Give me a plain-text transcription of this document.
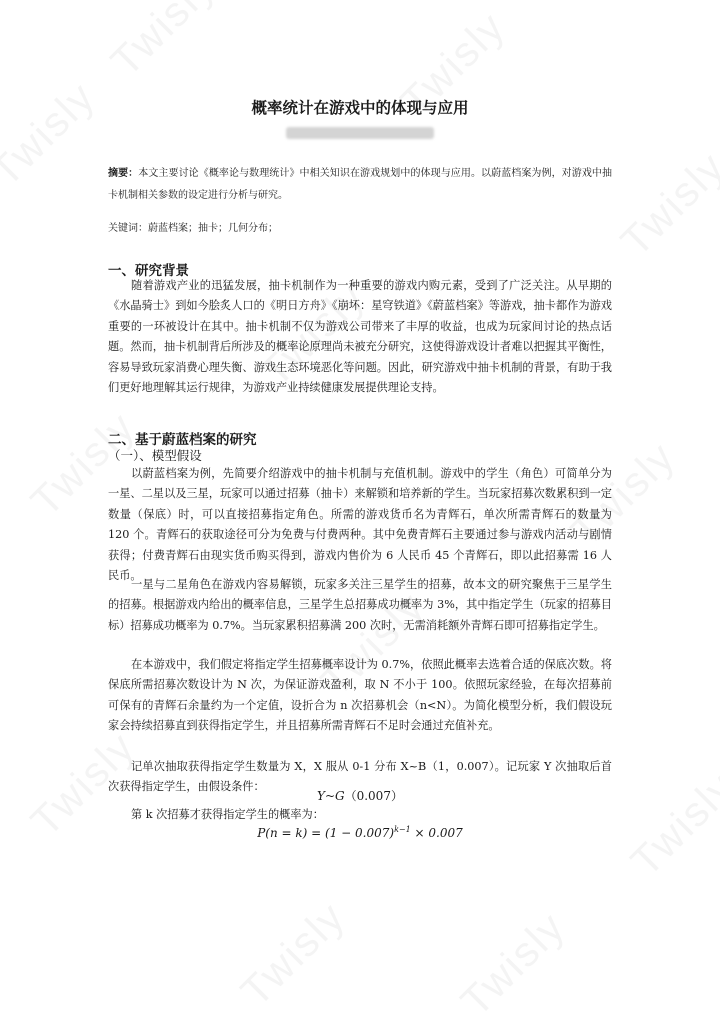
概率统计在游戏中的体现与应用
摘要：本文主要讨论《概率论与数理统计》中相关知识在游戏规划中的体现与应用。以蔚蓝档案为例，对游戏中抽卡机制相关参数的设定进行分析与研究。
关键词：蔚蓝档案；抽卡；几何分布；
一、研究背景
随着游戏产业的迅猛发展，抽卡机制作为一种重要的游戏内购元素，受到了广泛关注。从早期的《水晶骑士》到如今脍炙人口的《明日方舟》《崩坏：星穹铁道》《蔚蓝档案》等游戏，抽卡都作为游戏重要的一环被设计在其中。抽卡机制不仅为游戏公司带来了丰厚的收益，也成为玩家间讨论的热点话题。然而，抽卡机制背后所涉及的概率论原理尚未被充分研究，这使得游戏设计者难以把握其平衡性，容易导致玩家消费心理失衡、游戏生态环境恶化等问题。因此，研究游戏中抽卡机制的背景，有助于我们更好地理解其运行规律，为游戏产业持续健康发展提供理论支持。
二、基于蔚蓝档案的研究
（一）、模型假设
以蔚蓝档案为例，先简要介绍游戏中的抽卡机制与充值机制。游戏中的学生（角色）可简单分为一星、二星以及三星，玩家可以通过招募（抽卡）来解锁和培养新的学生。当玩家招募次数累积到一定数量（保底）时，可以直接招募指定角色。所需的游戏货币名为青辉石，单次所需青辉石的数量为 120 个。青辉石的获取途径可分为免费与付费两种。其中免费青辉石主要通过参与游戏内活动与剧情获得；付费青辉石由现实货币购买得到，游戏内售价为 6 人民币 45 个青辉石，即以此招募需 16 人民币。
一星与二星角色在游戏内容易解锁，玩家多关注三星学生的招募，故本文的研究聚焦于三星学生的招募。根据游戏内给出的概率信息，三星学生总招募成功概率为 3%，其中指定学生（玩家的招募目标）招募成功概率为 0.7%。当玩家累积招募满 200 次时，无需消耗额外青辉石即可招募指定学生。
在本游戏中，我们假定将指定学生招募概率设计为 0.7%，依照此概率去选着合适的保底次数。将保底所需招募次数设计为 N 次，为保证游戏盈利，取 N 不小于 100。依照玩家经验，在每次招募前可保有的青辉石余量约为一个定值，设折合为 n 次招募机会（n<N）。为简化模型分析，我们假设玩家会持续招募直到获得指定学生，并且招募所需青辉石不足时会通过充值补充。
记单次抽取获得指定学生数量为 X，X 服从 0-1 分布 X~B（1，0.007）。记玩家 Y 次抽取后首次获得指定学生，由假设条件：
Y~G（0.007）
第 k 次招募才获得指定学生的概率为：
$P(n = k) = (1 - 0.007)^{k-1} \times 0.007$
